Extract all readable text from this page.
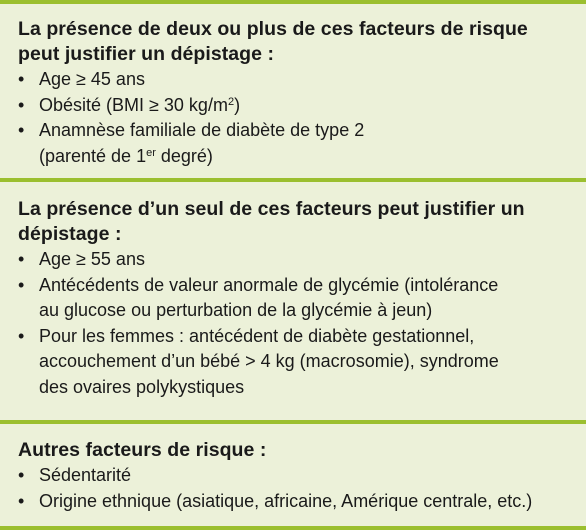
La présence de deux ou plus de ces facteurs de risque
peut justifier un dépistage :
• Age ≥ 45 ans
• Obésité (BMI ≥ 30 $kg/m^2$)
• Anamnèse familiale de diabète de type 2
(parenté de 1er degré)
La présence d’un seul de ces facteurs peut justifier un
dépistage :
• Age ≥ 55 ans
• Antécédents de valeur anormale de glycémie (intolérance
au glucose ou perturbation de la glycémie à jeun)
• Pour les femmes : antécédent de diabète gestationnel,
accouchement d’un bébé > 4 kg (macrosomie), syndrome
des ovaires polykystiques
Autres facteurs de risque :
• Sédentarité
• Origine ethnique (asiatique, africaine, Amérique centrale, etc.)
